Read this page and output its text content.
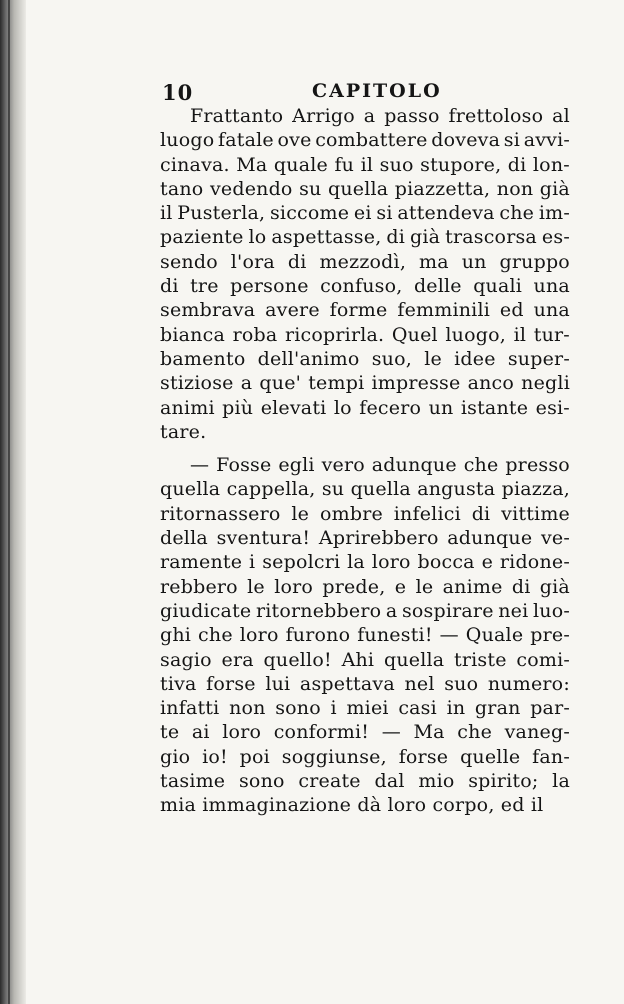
10	CAPITOLO
Frattanto Arrigo a passo frettoloso al
luogo fatale ove combattere doveva si avvi-
cinava. Ma quale fu il suo stupore, di lon-
tano vedendo su quella piazzetta, non già
il Pusterla, siccome ei si attendeva che im-
paziente lo aspettasse, di già trascorsa es-
sendo l'ora di mezzodì, ma un gruppo
di tre persone confuso, delle quali una
sembrava avere forme femminili ed una
bianca roba ricoprirla. Quel luogo, il tur-
bamento dell'animo suo, le idee super-
stiziose a que' tempi impresse anco negli
animi più elevati lo fecero un istante esi-
tare.
— Fosse egli vero adunque che presso
quella cappella, su quella angusta piazza,
ritornassero le ombre infelici di vittime
della sventura! Aprirebbero adunque ve-
ramente i sepolcri la loro bocca e ridone-
rebbero le loro prede, e le anime di già
giudicate ritornebbero a sospirare nei luo-
ghi che loro furono funesti! — Quale pre-
sagio era quello! Ahi quella triste comi-
tiva forse lui aspettava nel suo numero:
infatti non sono i miei casi in gran par-
te ai loro conformi! — Ma che vaneg-
gio io! poi soggiunse, forse quelle fan-
tasime sono create dal mio spirito; la
mia immaginazione dà loro corpo, ed il
